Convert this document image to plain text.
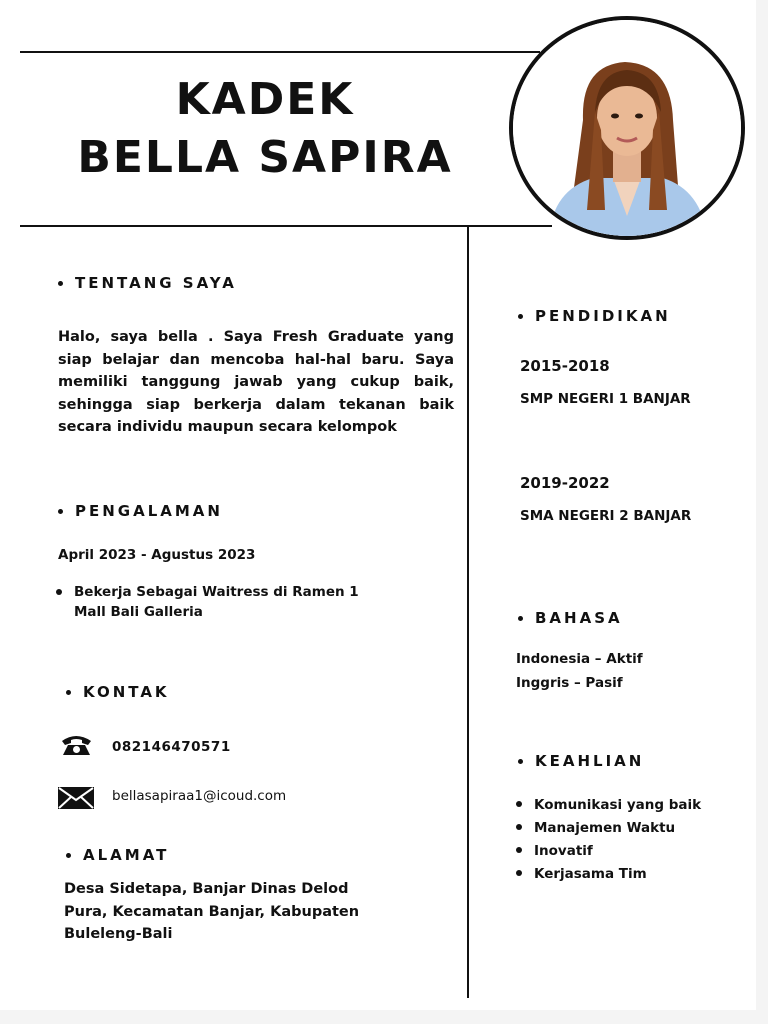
KADEK
BELLA SAPIRA
TENTANG SAYA
Halo, saya bella . Saya Fresh Graduate yang siap belajar dan mencoba hal-hal baru. Saya memiliki tanggung jawab yang cukup baik, sehingga siap berkerja dalam tekanan baik secara individu maupun secara kelompok
PENGALAMAN
April 2023 - Agustus 2023
Bekerja Sebagai Waitress di Ramen 1 Mall Bali Galleria
KONTAK
082146470571
bellasapiraa1@icoud.com
ALAMAT
Desa Sidetapa, Banjar Dinas Delod Pura, Kecamatan Banjar, Kabupaten Buleleng-Bali
PENDIDIKAN
2015-2018
SMP NEGERI 1 BANJAR
2019-2022
SMA NEGERI 2 BANJAR
BAHASA
Indonesia – Aktif
Inggris – Pasif
KEAHLIAN
Komunikasi yang baik
Manajemen Waktu
Inovatif
Kerjasama Tim
